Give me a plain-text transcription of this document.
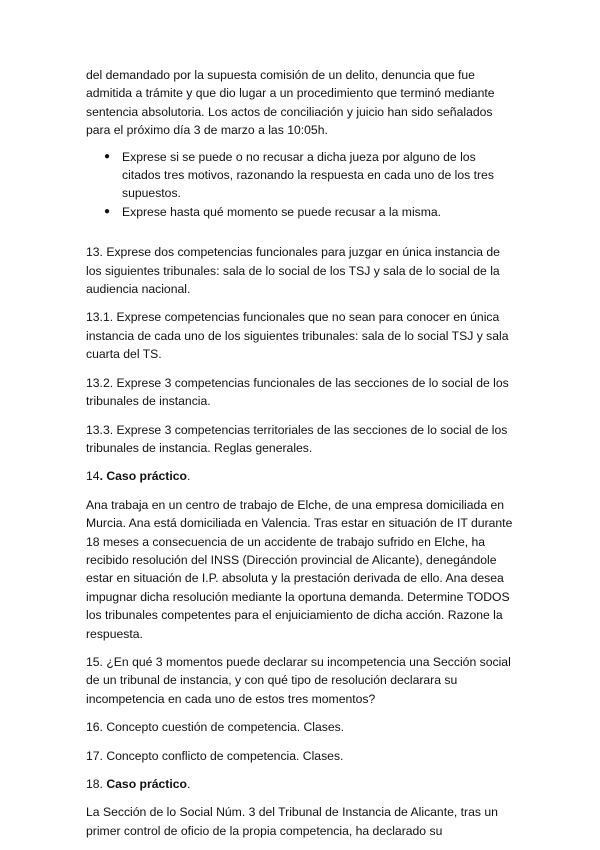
del demandado por la supuesta comisión de un delito, denuncia que fue admitida a trámite y que dio lugar a un procedimiento que terminó mediante sentencia absolutoria. Los actos de conciliación y juicio han sido señalados para el próximo día 3 de marzo a las 10:05h.

● Exprese si se puede o no recusar a dicha jueza por alguno de los citados tres motivos, razonando la respuesta en cada uno de los tres supuestos.
● Exprese hasta qué momento se puede recusar a la misma.

13. Exprese dos competencias funcionales para juzgar en única instancia de los siguientes tribunales: sala de lo social de los TSJ y sala de lo social de la audiencia nacional.

13.1. Exprese competencias funcionales que no sean para conocer en única instancia de cada uno de los siguientes tribunales: sala de lo social TSJ y sala cuarta del TS.

13.2. Exprese 3 competencias funcionales de las secciones de lo social de los tribunales de instancia.

13.3. Exprese 3 competencias territoriales de las secciones de lo social de los tribunales de instancia. Reglas generales.

14. Caso práctico.

Ana trabaja en un centro de trabajo de Elche, de una empresa domiciliada en Murcia. Ana está domiciliada en Valencia. Tras estar en situación de IT durante 18 meses a consecuencia de un accidente de trabajo sufrido en Elche, ha recibido resolución del INSS (Dirección provincial de Alicante), denegándole estar en situación de I.P. absoluta y la prestación derivada de ello. Ana desea impugnar dicha resolución mediante la oportuna demanda. Determine TODOS los tribunales competentes para el enjuiciamiento de dicha acción. Razone la respuesta.

15. ¿En qué 3 momentos puede declarar su incompetencia una Sección social de un tribunal de instancia, y con qué tipo de resolución declarara su incompetencia en cada uno de estos tres momentos?

16. Concepto cuestión de competencia. Clases.

17. Concepto conflicto de competencia. Clases.

18. Caso práctico.

La Sección de lo Social Núm. 3 del Tribunal de Instancia de Alicante, tras un primer control de oficio de la propia competencia, ha declarado su
